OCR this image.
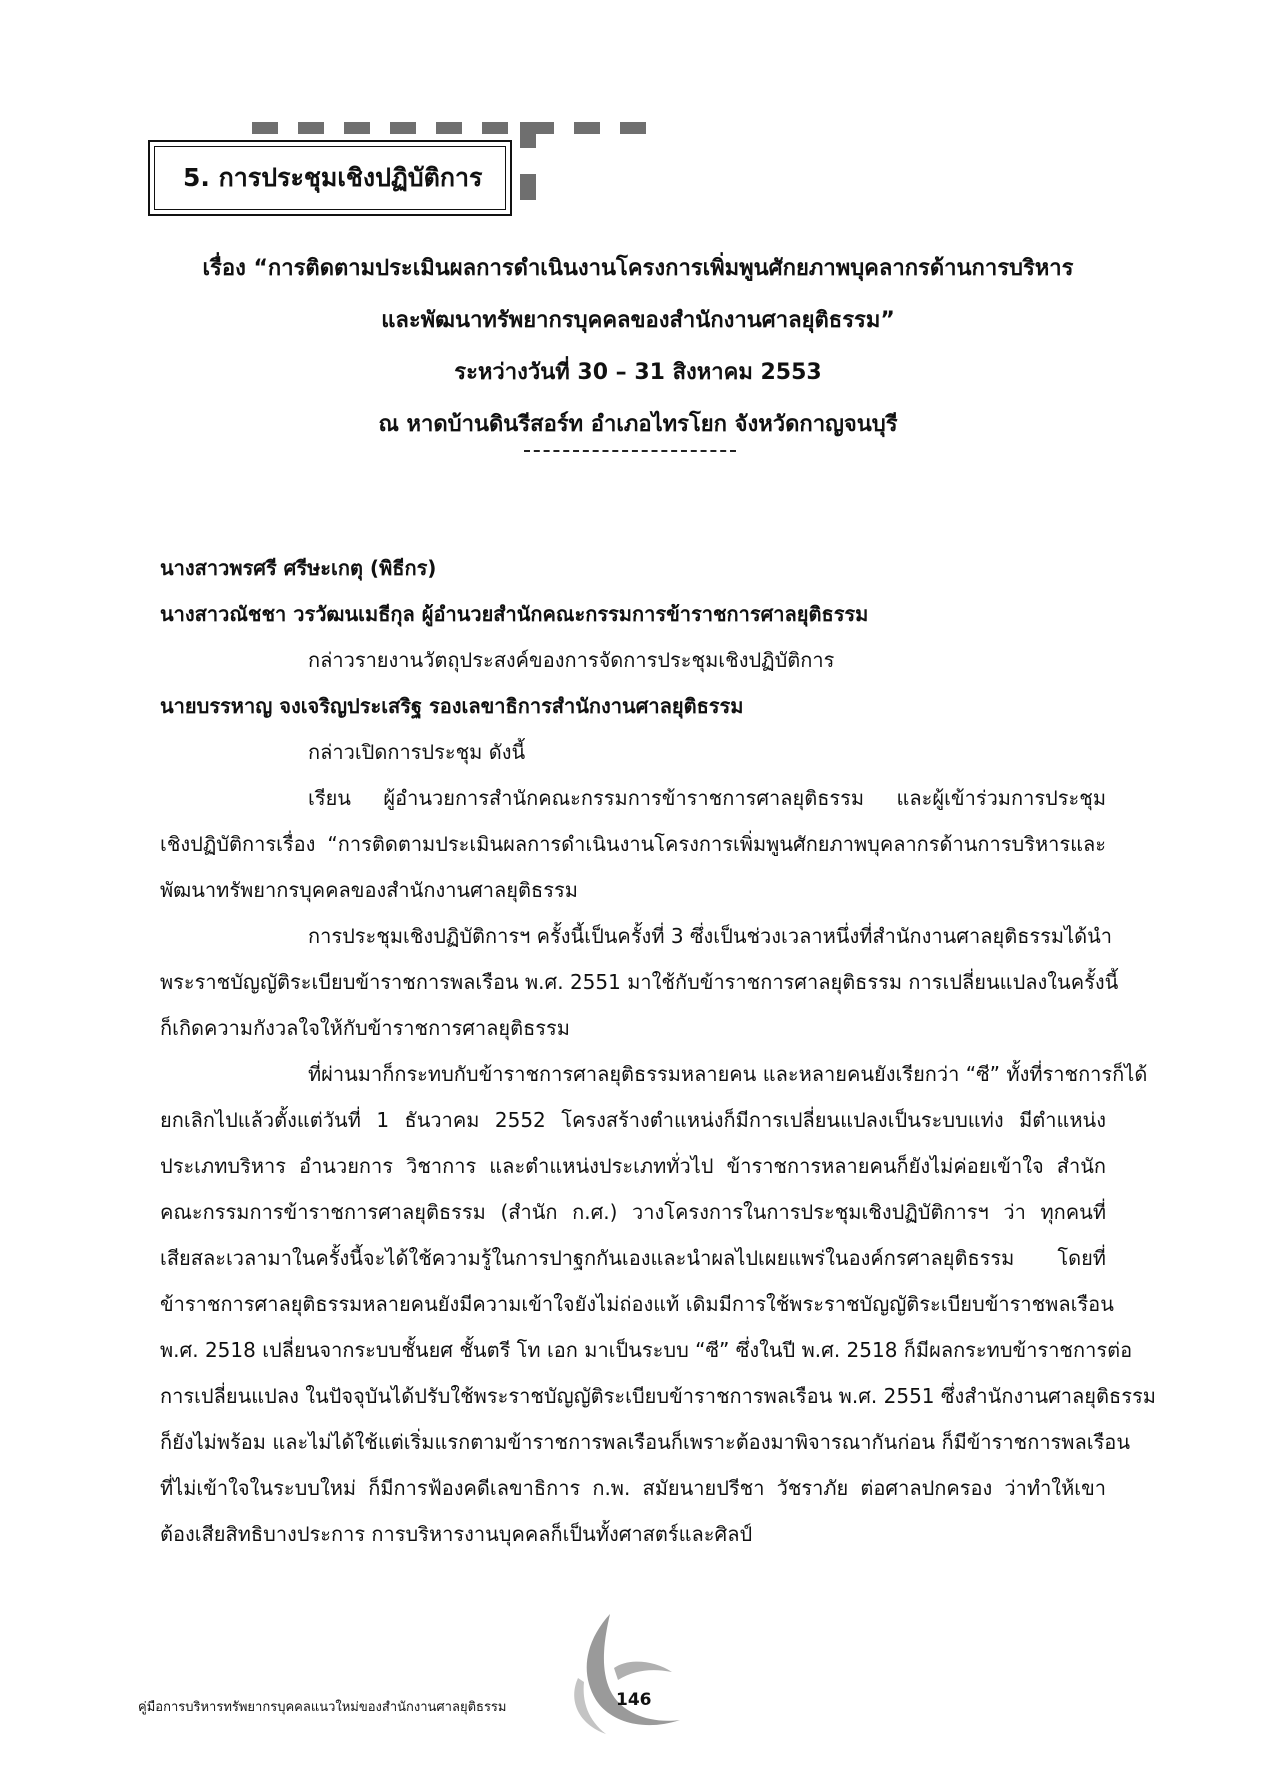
5. การประชุมเชิงปฏิบัติการ
เรื่อง “การติดตามประเมินผลการดำเนินงานโครงการเพิ่มพูนศักยภาพบุคลากรด้านการบริหาร
และพัฒนาทรัพยากรบุคคลของสำนักงานศาลยุติธรรม”
ระหว่างวันที่ 30 – 31 สิงหาคม 2553
ณ หาดบ้านดินรีสอร์ท อำเภอไทรโยก จังหวัดกาญจนบุรี
นางสาวพรศรี ศรีษะเกตุ (พิธีกร)
นางสาวณัชชา วรวัฒนเมธีกุล ผู้อำนวยสำนักคณะกรรมการข้าราชการศาลยุติธรรม
กล่าวรายงานวัตถุประสงค์ของการจัดการประชุมเชิงปฏิบัติการ
นายบรรหาญ จงเจริญประเสริฐ รองเลขาธิการสำนักงานศาลยุติธรรม
กล่าวเปิดการประชุม ดังนี้
เรียน ผู้อำนวยการสำนักคณะกรรมการข้าราชการศาลยุติธรรม และผู้เข้าร่วมการประชุม
เชิงปฏิบัติการเรื่อง “การติดตามประเมินผลการดำเนินงานโครงการเพิ่มพูนศักยภาพบุคลากรด้านการบริหารและ
พัฒนาทรัพยากรบุคคลของสำนักงานศาลยุติธรรม
การประชุมเชิงปฏิบัติการฯ ครั้งนี้เป็นครั้งที่ 3 ซึ่งเป็นช่วงเวลาหนึ่งที่สำนักงานศาลยุติธรรมได้นำ
พระราชบัญญัติระเบียบข้าราชการพลเรือน พ.ศ. 2551 มาใช้กับข้าราชการศาลยุติธรรม การเปลี่ยนแปลงในครั้งนี้
ก็เกิดความกังวลใจให้กับข้าราชการศาลยุติธรรม
ที่ผ่านมาก็กระทบกับข้าราชการศาลยุติธรรมหลายคน และหลายคนยังเรียกว่า “ซี” ทั้งที่ราชการก็ได้
ยกเลิกไปแล้วตั้งแต่วันที่ 1 ธันวาคม 2552 โครงสร้างตำแหน่งก็มีการเปลี่ยนแปลงเป็นระบบแท่ง มีตำแหน่ง
ประเภทบริหาร อำนวยการ วิชาการ และตำแหน่งประเภททั่วไป ข้าราชการหลายคนก็ยังไม่ค่อยเข้าใจ สำนัก
คณะกรรมการข้าราชการศาลยุติธรรม (สำนัก ก.ศ.) วางโครงการในการประชุมเชิงปฏิบัติการฯ ว่า ทุกคนที่
เสียสละเวลามาในครั้งนี้จะได้ใช้ความรู้ในการปาฐกกันเองและนำผลไปเผยแพร่ในองค์กรศาลยุติธรรม โดยที่
ข้าราชการศาลยุติธรรมหลายคนยังมีความเข้าใจยังไม่ถ่องแท้ เดิมมีการใช้พระราชบัญญัติระเบียบข้าราชพลเรือน
พ.ศ. 2518 เปลี่ยนจากระบบชั้นยศ ชั้นตรี โท เอก มาเป็นระบบ “ซี” ซึ่งในปี พ.ศ. 2518 ก็มีผลกระทบข้าราชการต่อ
การเปลี่ยนแปลง ในปัจจุบันได้ปรับใช้พระราชบัญญัติระเบียบข้าราชการพลเรือน พ.ศ. 2551 ซึ่งสำนักงานศาลยุติธรรม
ก็ยังไม่พร้อม และไม่ได้ใช้แต่เริ่มแรกตามข้าราชการพลเรือนก็เพราะต้องมาพิจารณากันก่อน ก็มีข้าราชการพลเรือน
ที่ไม่เข้าใจในระบบใหม่ ก็มีการฟ้องคดีเลขาธิการ ก.พ. สมัยนายปรีชา วัชราภัย ต่อศาลปกครอง ว่าทำให้เขา
ต้องเสียสิทธิบางประการ การบริหารงานบุคคลก็เป็นทั้งศาสตร์และศิลป์
คู่มือการบริหารทรัพยากรบุคคลแนวใหม่ของสำนักงานศาลยุติธรรม	146
